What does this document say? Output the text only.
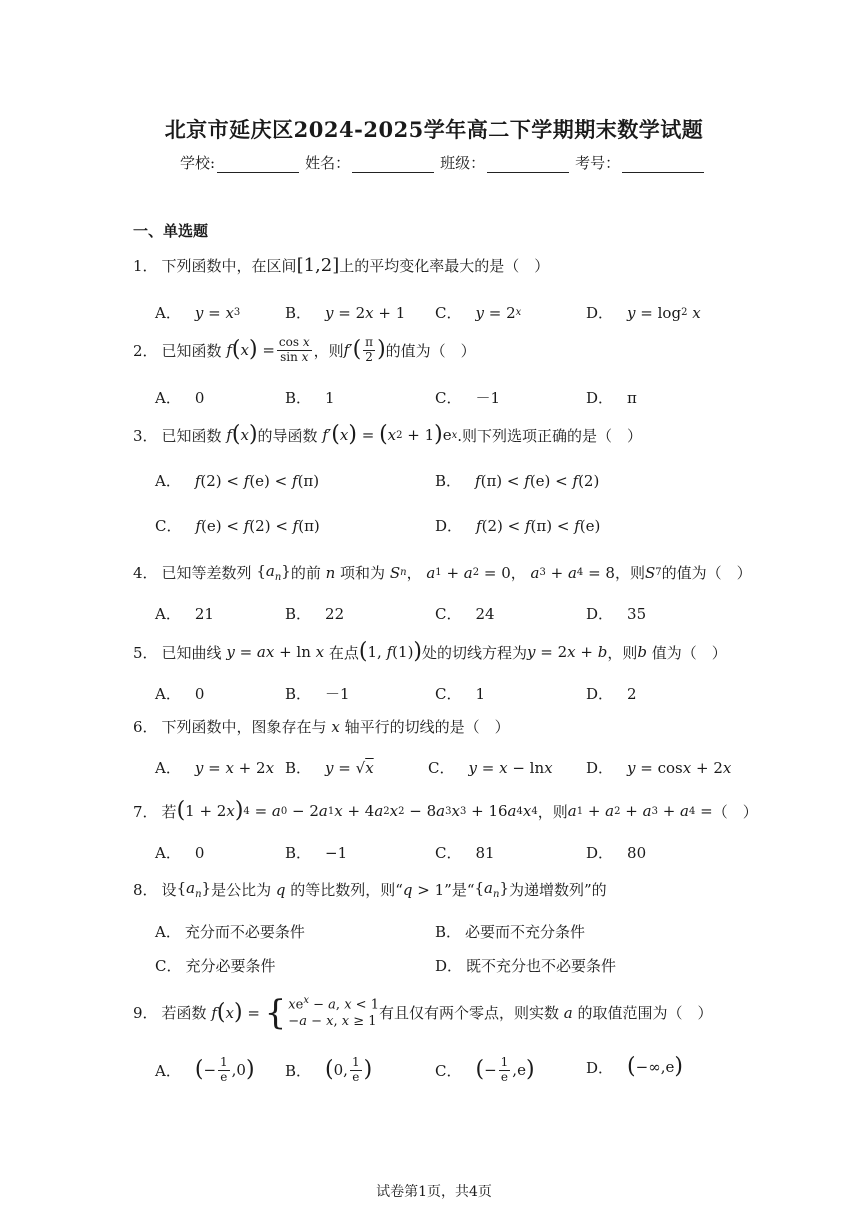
北京市延庆区2024-2025学年高二下学期期末数学试题
学校:	姓名：	班级：	考号：
一、单选题
1． 下列函数中，在区间 [1,2] 上的平均变化率最大的是（　）
A． y = x 3	B． y = 2 x + 1 C． y = 2 x	D． y = log 2
x
2． 已知函数 f ( x ) = $\frac{\text{cos x}}{\text{sin x}}$ ，则 f ′ ( $\frac{\pi}{2}$ ) 的值为（　）
A． 0	B． 1	C． －1	D． π
3． 已知函数 f ( x ) 的导函数 f ′ ( x ) = ( x 2 + 1 ) e x .则下列选项正确的是（　）
A． f (2) < f (e) < f (π)	B． f (π) < f (e) < f (2)
C． f (e) < f (2) < f (π)	D． f (2) < f (π) < f (e)
4． 已知等差数列 $\{a_n\}$ 的前 n 项和为 S n ， a 1 + a 2 = 0， a 3 + a 4 = 8 ，则 S 7 的值为（　）
A． 21	B． 22	C． 24	D． 35
5． 已知曲线 y = ax + ln x 在点 ( 1, f (1) ) 处的切线方程为 y = 2 x + b ，则 b 值为（　）
A． 0	B． －1	C． 1	D． 2
6． 下列函数中，图象存在与 x 轴平行的切线的是（　）
A． y = x + 2 x B． y = √ x	C． y = x − ln x D． y = cos x + 2 x
7． 若 ( 1 + 2 x ) 4 = a 0 − 2 a 1 x + 4 a 2 x 2 − 8 a 3 x 3 + 16 a 4 x 4 ，则 a 1 + a 2 + a 3 + a 4 = （　）
A． 0	B． −1	C． 81	D． 80
8． 设 $\{a_n\}$ 是公比为 q 的等比数列，则“ q > 1 ”是“ $\{a_n\}$ 为递增数列”的
A． 充分而不必要条件	B． 必要而不充分条件
C． 充分必要条件	D． 既不充分也不必要条件
9． 若函数 f ( x ) = { $xe^x - a$, x < 1
−a − x, x ≥ 1 有且仅有两个零点，则实数 a 的取值范围为（　）
A． ( − $\frac{1}{e} ,0$ ) B． ( 0, $\frac{1}{e}$ )	C． ( − $\frac{1}{e} ,e$ )	D． ( −∞,e )
试卷第1页，共4页
